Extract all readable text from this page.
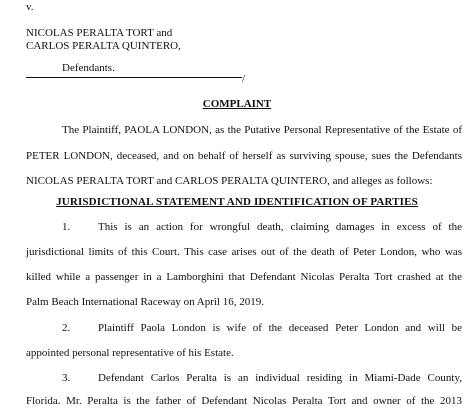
v.

NICOLAS PERALTA TORT and

CARLOS PERALTA QUINTERO,

Defendants.

/

COMPLAINT

The Plaintiff, PAOLA LONDON, as the Putative Personal Representative of the Estate of

PETER LONDON, deceased, and on behalf of herself as surviving spouse, sues the Defendants

NICOLAS PERALTA TORT and CARLOS PERALTA QUINTERO, and alleges as follows:

JURISDICTIONAL STATEMENT AND IDENTIFICATION OF PARTIES

1.	This is an action for wrongful death, claiming damages in excess of the

jurisdictional limits of this Court. This case arises out of the death of Peter London, who was

killed while a passenger in a Lamborghini that Defendant Nicolas Peralta Tort crashed at the

Palm Beach International Raceway on April 16, 2019.

2.	Plaintiff Paola London is wife of the deceased Peter London and will be

appointed personal representative of his Estate.

3.	Defendant Carlos Peralta is an individual residing in Miami-Dade County,

Florida. Mr. Peralta is the father of Defendant Nicolas Peralta Tort and owner of the 2013
